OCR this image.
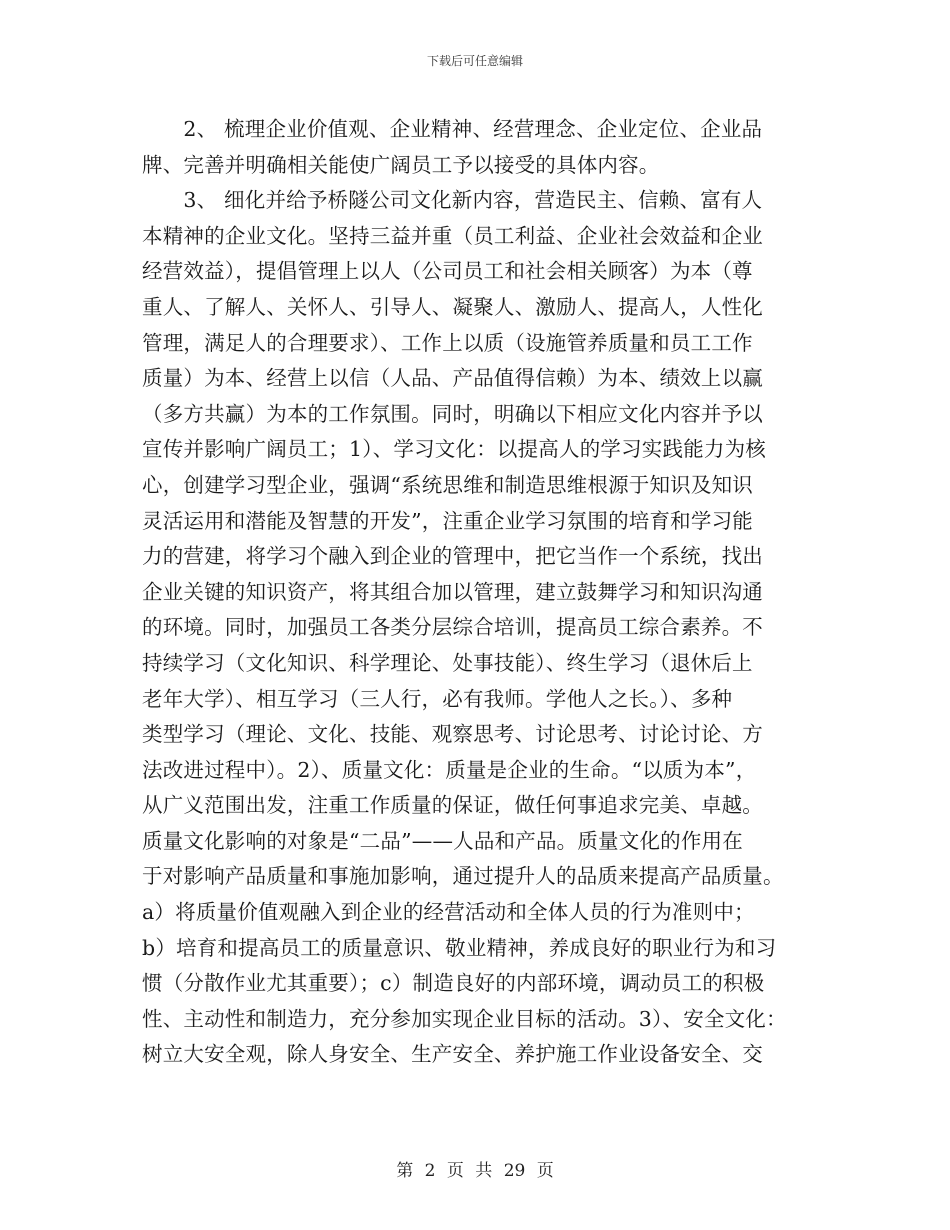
下载后可任意编辑
　　2、 梳理企业价值观、企业精神、经营理念、企业定位、企业品
牌、完善并明确相关能使广阔员工予以接受的具体内容。
　　3、 细化并给予桥隧公司文化新内容，营造民主、信赖、富有人
本精神的企业文化。坚持三益并重（员工利益、企业社会效益和企业
经营效益），提倡管理上以人（公司员工和社会相关顾客）为本（尊
重人、了解人、关怀人、引导人、凝聚人、激励人、提高人，人性化
管理，满足人的合理要求）、工作上以质（设施管养质量和员工工作
质量）为本、经营上以信（人品、产品值得信赖）为本、绩效上以赢
（多方共赢）为本的工作氛围。同时，明确以下相应文化内容并予以
宣传并影响广阔员工；1）、学习文化：以提高人的学习实践能力为核
心，创建学习型企业，强调“系统思维和制造思维根源于知识及知识
灵活运用和潜能及智慧的开发”，注重企业学习氛围的培育和学习能
力的营建，将学习个融入到企业的管理中，把它当作一个系统，找出
企业关键的知识资产，将其组合加以管理，建立鼓舞学习和知识沟通
的环境。同时，加强员工各类分层综合培训，提高员工综合素养。不
持续学习（文化知识、科学理论、处事技能）、终生学习（退休后上
老年大学）、相互学习（三人行，必有我师。学他人之长。）、多种
类型学习（理论、文化、技能、观察思考、讨论思考、讨论讨论、方
法改进过程中）。2）、质量文化：质量是企业的生命。“以质为本”，
从广义范围出发，注重工作质量的保证，做任何事追求完美、卓越。
质量文化影响的对象是“二品”——人品和产品。质量文化的作用在
于对影响产品质量和事施加影响，通过提升人的品质来提高产品质量。
a）将质量价值观融入到企业的经营活动和全体人员的行为准则中；
b）培育和提高员工的质量意识、敬业精神，养成良好的职业行为和习
惯（分散作业尤其重要）；c）制造良好的内部环境，调动员工的积极
性、主动性和制造力，充分参加实现企业目标的活动。3）、安全文化：
树立大安全观，除人身安全、生产安全、养护施工作业设备安全、交
第 2 页 共 29 页
